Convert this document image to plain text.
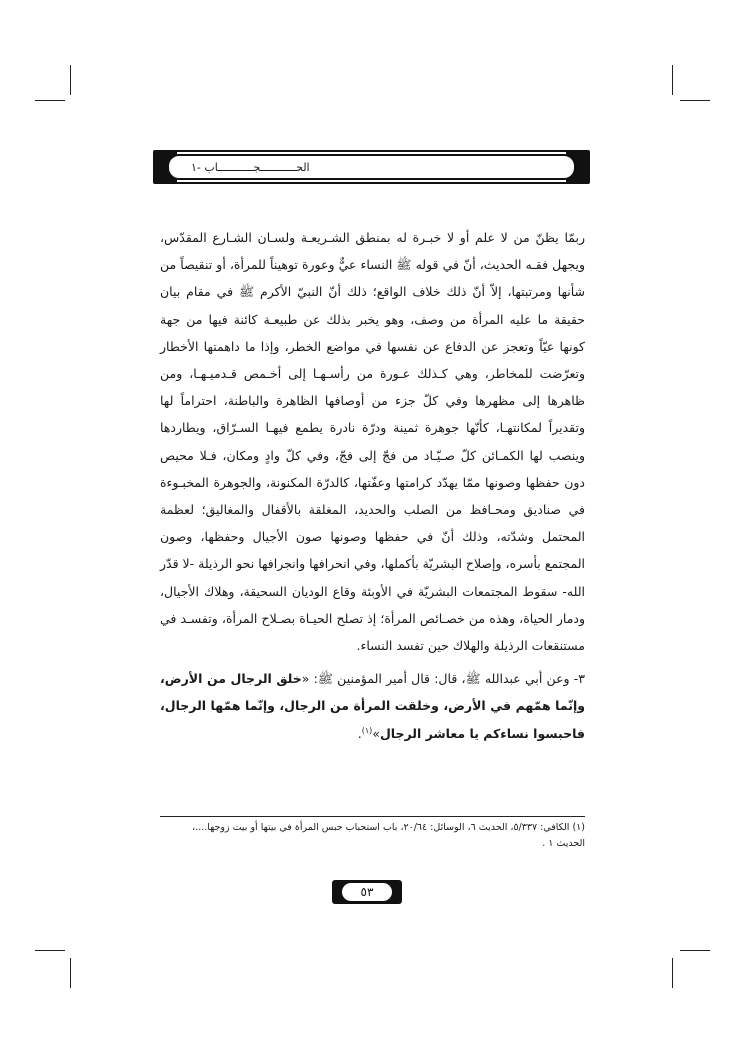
الحـــــــــــجـــــــــــاب -١

ربمّا يظنّ من لا علم أو لا خبـرة له بمنطق الشـريعـة ولسـان الشـارع المقدّس، ويجهل فقـه الحديث، أنّ في قوله ﷺ النساء عيٌّ وعورة توهيناً للمرأة، أو تنقيصاً من شأنها ومرتبتها، إلاّ أنّ ذلك خلاف الواقع؛ ذلك أنّ النبيّ الأكرم ﷺ في مقام بيان حقيقة ما عليه المرأة من وصف، وهو يخبر بذلك عن طبيعـة كائنة فيها من جهة كونها عيّاً وتعجز عن الدفاع عن نفسها في مواضع الخطر، وإذا ما داهمتها الأخطار وتعرّضت للمخاطر، وهي كـذلك عـورة من رأسـهـا إلى أخـمص قـدميـهـا، ومن ظاهرها إلى مظهرها وفي كلّ جزء من أوصافها الظاهرة والباطنة، احتراماً لها وتقديراً لمكانتهـا، كأنّها جوهرة ثمينة ودرّة نادرة يطمع فيهـا السـرّاق، ويطاردها وينصب لها الكمـائن كلّ صـيّـاد من فجّ إلى فجّ، وفي كلّ وادٍ ومكان، فـلا محيص دون حفظها وصونها ممّا يهدّد كرامتها وعفّتها، كالدرّة المكنونة، والجوهرة المخبـوءة في صناديق ومحـافظ من الصلب والحديد، المغلقة بالأقفال والمغاليق؛ لعظمة المحتمل وشدّته، وذلك أنّ في حفظها وصونها صون الأجيال وحفظها، وصون المجتمع بأسره، وإصلاح البشريّة بأكملها، وفي انحرافها وانجرافها نحو الرذيلة -لا قدّر الله- سقوط المجتمعات البشريّة في الأوبئة وقاع الوديان السحيقة، وهلاك الأجيال، ودمار الحياة، وهذه من خصـائص المرأة؛ إذ تصلح الحيـاة بصـلاح المرأة، وتفسـد في مستنقعات الرذيلة والهلاك حين تفسد النساء.

٣- وعن أبي عبدالله ﷺ، قال: قال أمير المؤمنين ﷺ: «خلق الرجال من الأرض، وإنّما همّهم في الأرض، وخلقت المرأة من الرجال، وإنّما همّها الرجال، فاحبسوا نساءكم يا معاشر الرجال»$^{(١)}$.

(١) الكافي: ٥/٣٣٧، الحديث ٦، الوسائل: ٢٠/٦٤، باب استحباب حبس المرأة في بيتها أو بيت زوجها....، الحديث ١ .

٥٣
